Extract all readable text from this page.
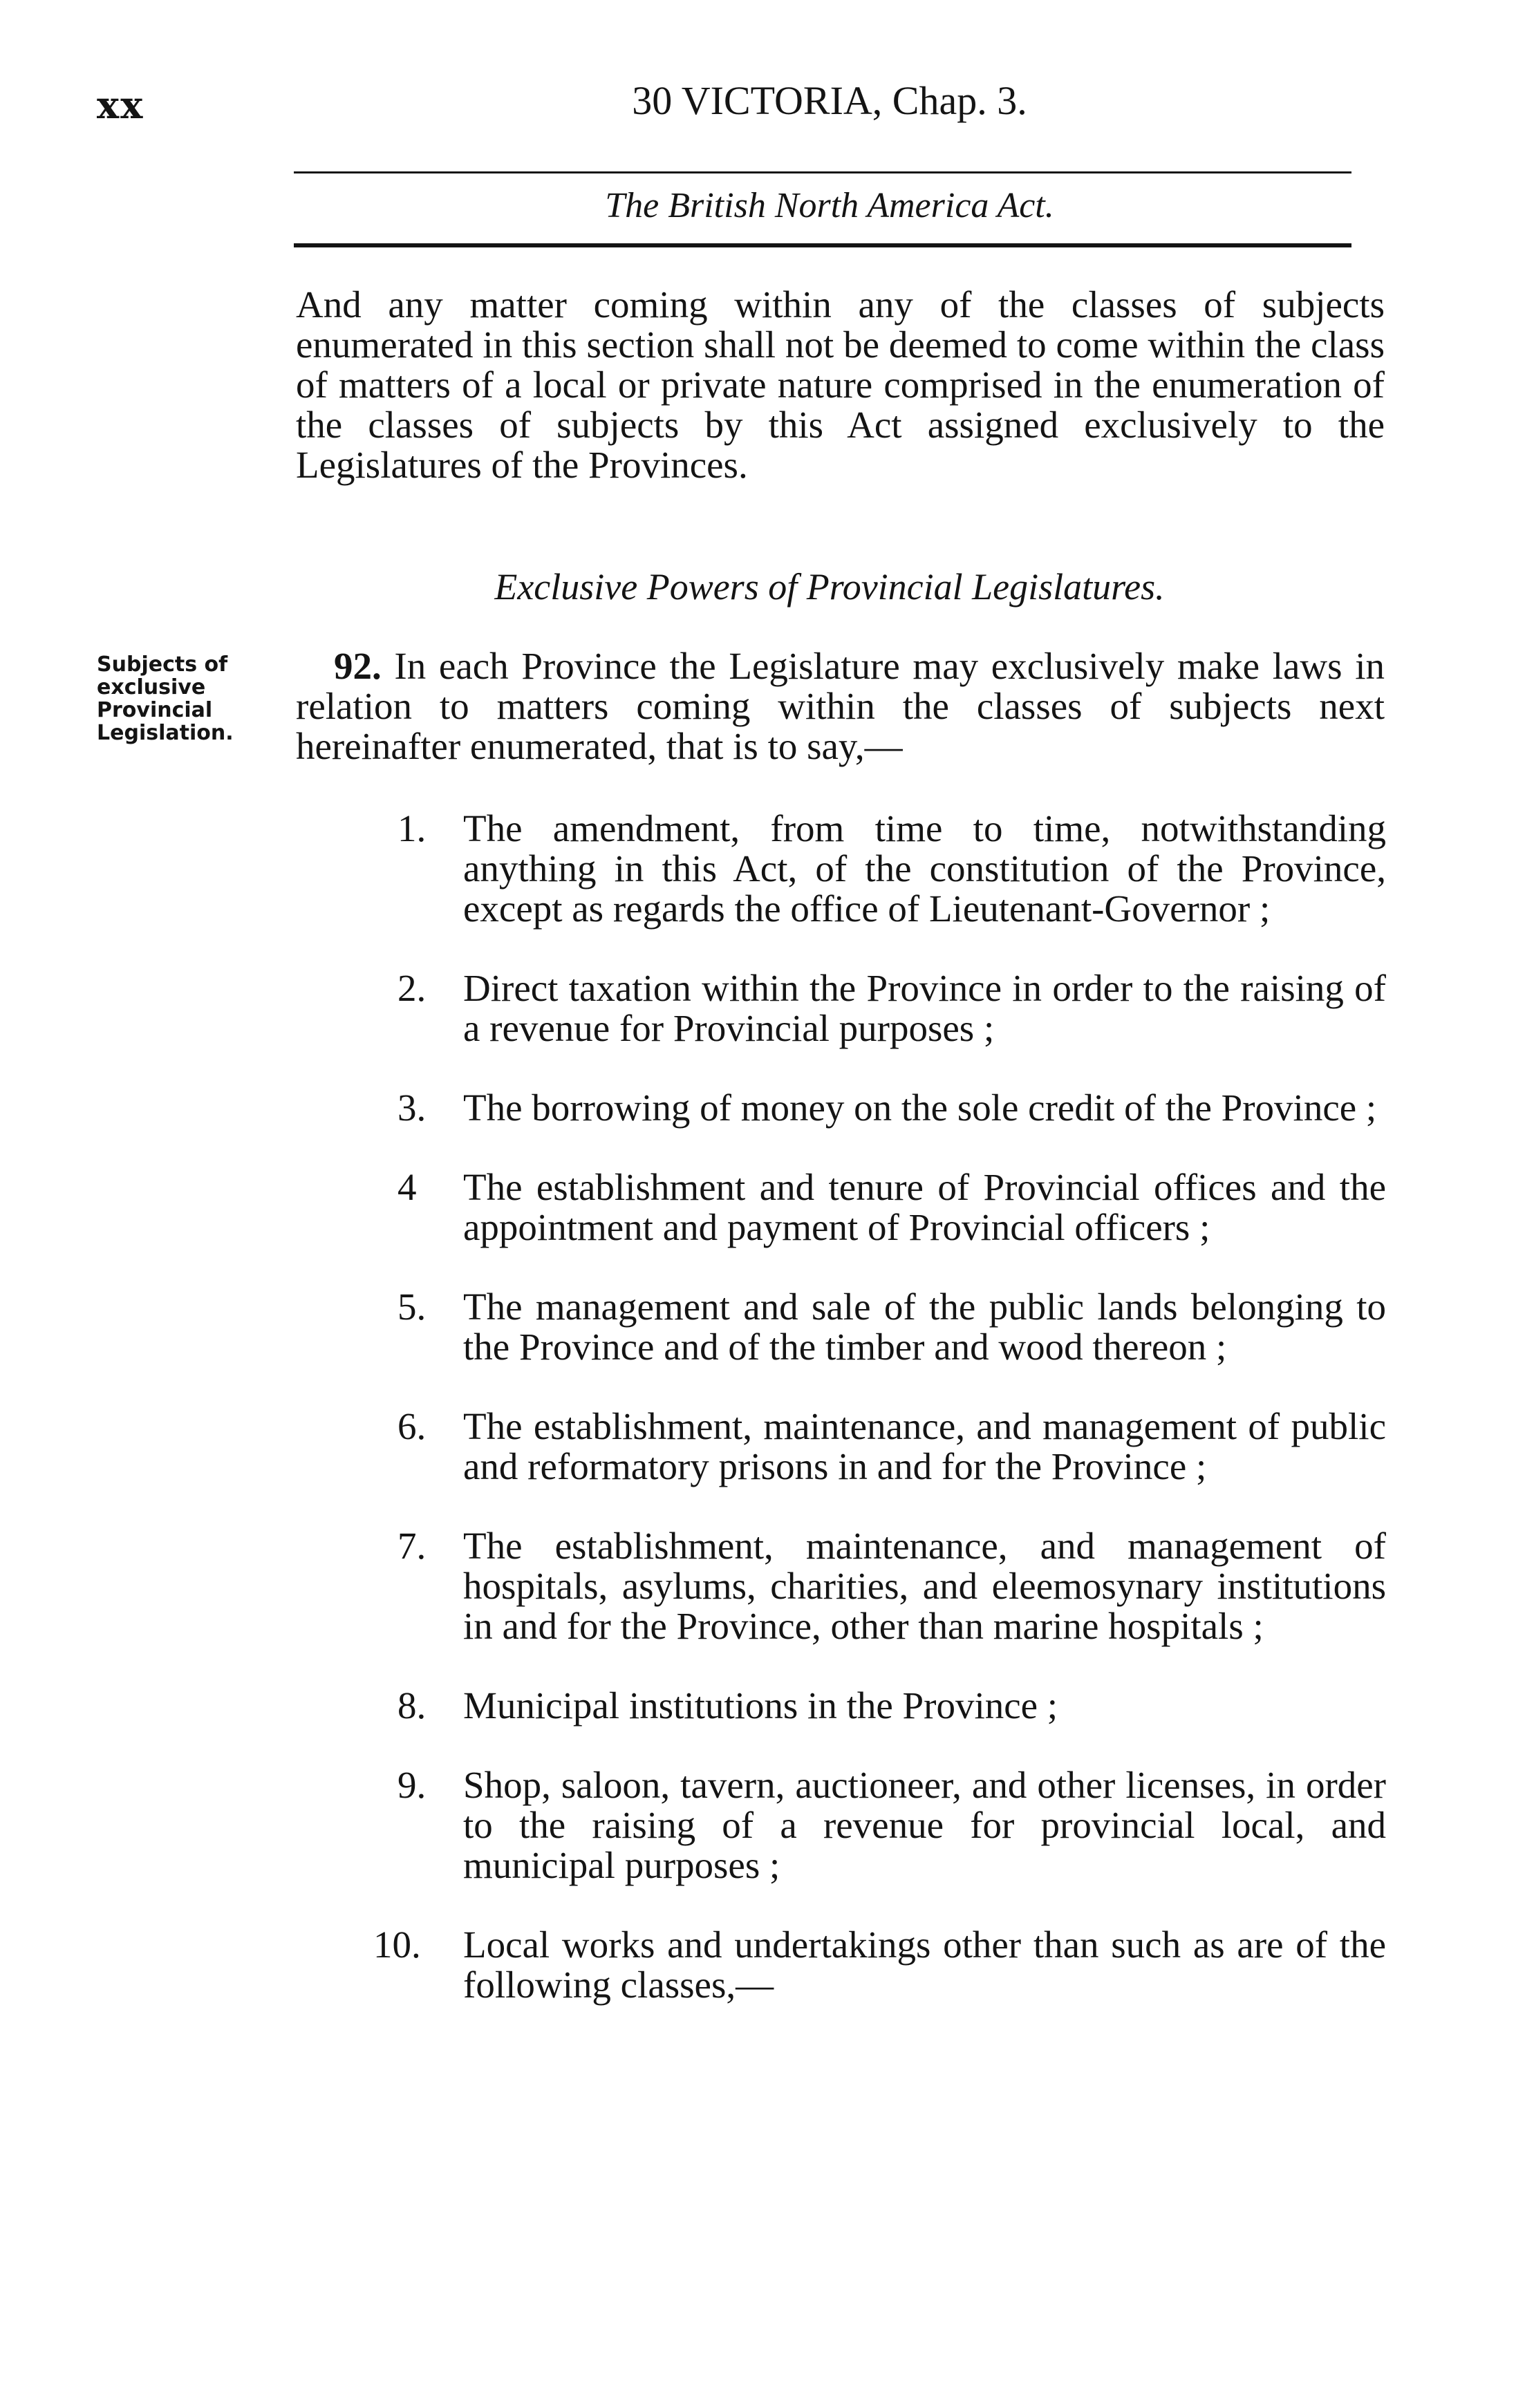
xx	30 VICTORIA, Chap. 3.
The British North America Act.

And any matter coming within any of the classes of subjects enumerated in this section shall not be deemed to come within the class of matters of a local or private nature comprised in the enumeration of the classes of subjects by this Act assigned exclusively to the Legislatures of the Provinces.

Exclusive Powers of Provincial Legislatures.
Subjects of exclusive Provincial Legislation.

92. In each Province the Legislature may exclusively make laws in relation to matters coming within the classes of subjects next hereinafter enumerated, that is to say,—

1. The amendment, from time to time, notwithstanding anything in this Act, of the constitution of the Province, except as regards the office of Lieutenant-Governor ;
2. Direct taxation within the Province in order to the raising of a revenue for Provincial purposes ;
3. The borrowing of money on the sole credit of the Province ;
4 The establishment and tenure of Provincial offices and the appointment and payment of Provincial officers ;
5. The management and sale of the public lands belonging to the Province and of the timber and wood thereon ;
6. The establishment, maintenance, and management of public and reformatory prisons in and for the Province ;
7. The establishment, maintenance, and management of hospitals, asylums, charities, and eleemosynary institutions in and for the Province, other than marine hospitals ;
8. Municipal institutions in the Province ;
9. Shop, saloon, tavern, auctioneer, and other licenses, in order to the raising of a revenue for provincial local, and municipal purposes ;
10. Local works and undertakings other than such as are of the following classes,—
